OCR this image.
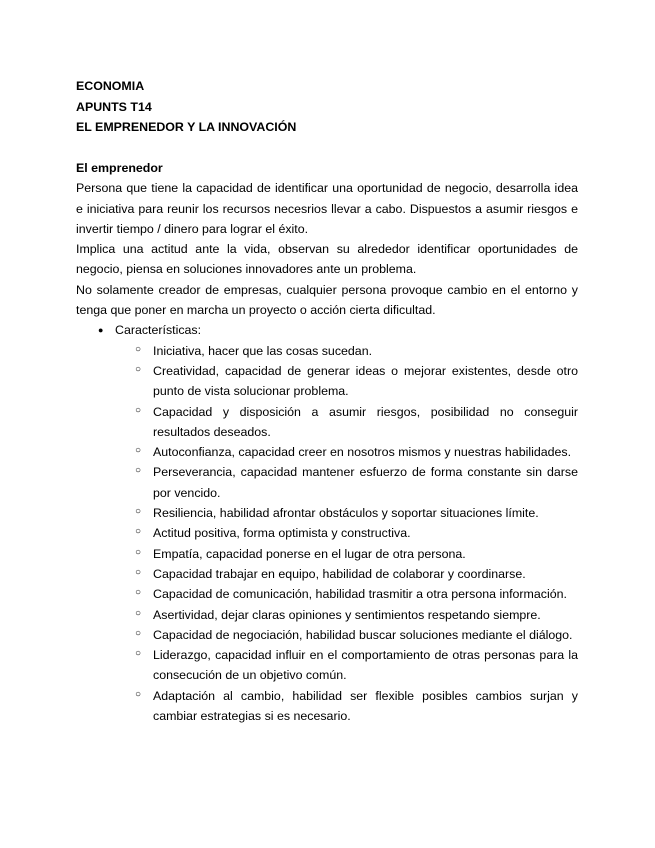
ECONOMIA

APUNTS T14

EL EMPRENEDOR Y LA INNOVACIÓN

El emprenedor

Persona que tiene la capacidad de identificar una oportunidad de negocio, desarrolla idea e iniciativa para reunir los recursos necesrios llevar a cabo. Dispuestos a asumir riesgos e invertir tiempo / dinero para lograr el éxito.

Implica una actitud ante la vida, observan su alrededor identificar oportunidades de negocio, piensa en soluciones innovadores ante un problema.

No solamente creador de empresas, cualquier persona provoque cambio en el entorno y tenga que poner en marcha un proyecto o acción cierta dificultad.

● Características:
○ Iniciativa, hacer que las cosas sucedan.
○ Creatividad, capacidad de generar ideas o mejorar existentes, desde otro punto de vista solucionar problema.
○ Capacidad y disposición a asumir riesgos, posibilidad no conseguir resultados deseados.
○ Autoconfianza, capacidad creer en nosotros mismos y nuestras habilidades.
○ Perseverancia, capacidad mantener esfuerzo de forma constante sin darse por vencido.
○ Resiliencia, habilidad afrontar obstáculos y soportar situaciones límite.
○ Actitud positiva, forma optimista y constructiva.
○ Empatía, capacidad ponerse en el lugar de otra persona.
○ Capacidad trabajar en equipo, habilidad de colaborar y coordinarse.
○ Capacidad de comunicación, habilidad trasmitir a otra persona información.
○ Asertividad, dejar claras opiniones y sentimientos respetando siempre.
○ Capacidad de negociación, habilidad buscar soluciones mediante el diálogo.
○ Liderazgo, capacidad influir en el comportamiento de otras personas para la consecución de un objetivo común.
○ Adaptación al cambio, habilidad ser flexible posibles cambios surjan y cambiar estrategias si es necesario.
